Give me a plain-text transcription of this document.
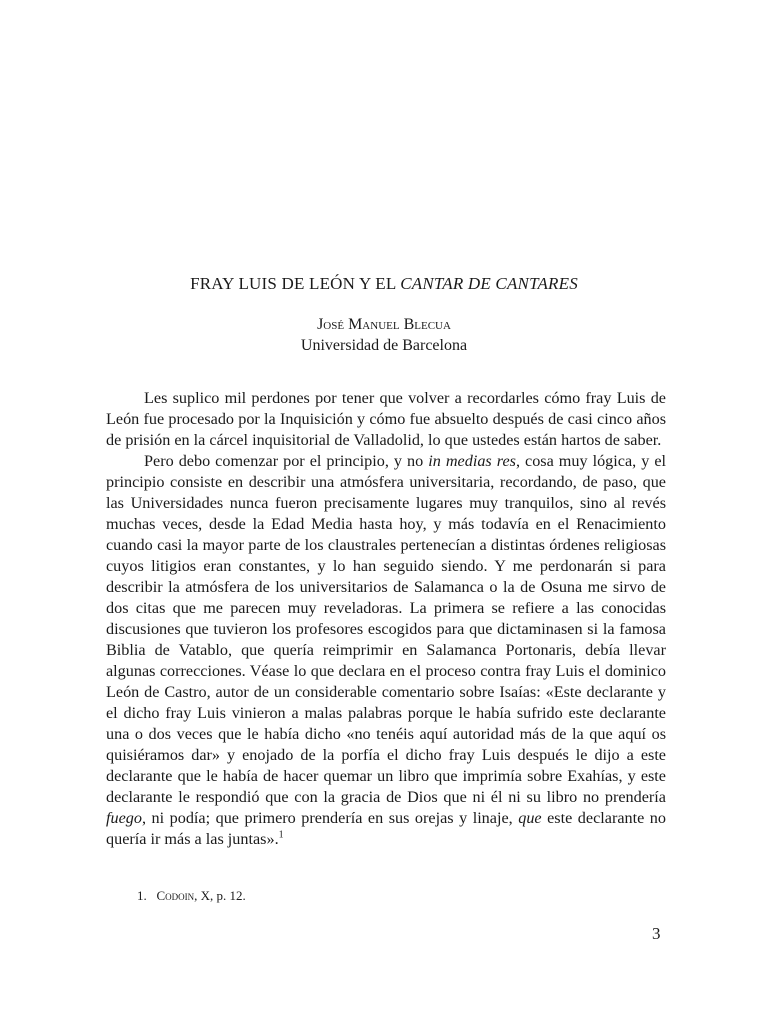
FRAY LUIS DE LEÓN Y EL CANTAR DE CANTARES
José Manuel Blecua
Universidad de Barcelona

Les suplico mil perdones por tener que volver a recordarles cómo fray Luis de León fue procesado por la Inquisición y cómo fue absuelto después de casi cinco años de prisión en la cárcel inquisitorial de Valladolid, lo que ustedes están hartos de saber.

Pero debo comenzar por el principio, y no in medias res, cosa muy lógica, y el principio consiste en describir una atmósfera universitaria, recordando, de paso, que las Universidades nunca fueron precisamente lugares muy tranquilos, sino al revés muchas veces, desde la Edad Media hasta hoy, y más todavía en el Renacimiento cuando casi la mayor parte de los claustrales pertenecían a distintas órdenes religiosas cuyos litigios eran constantes, y lo han seguido siendo. Y me perdonarán si para describir la atmósfera de los universitarios de Salamanca o la de Osuna me sirvo de dos citas que me parecen muy reveladoras. La primera se refiere a las conocidas discusiones que tuvieron los profesores escogidos para que dictaminasen si la famosa Biblia de Vatablo, que quería reimprimir en Salamanca Portonaris, debía llevar algunas correcciones. Véase lo que declara en el proceso contra fray Luis el dominico León de Castro, autor de un considerable comentario sobre Isaías: «Este declarante y el dicho fray Luis vinieron a malas palabras porque le había sufrido este declarante una o dos veces que le había dicho «no tenéis aquí autoridad más de la que aquí os quisiéramos dar» y enojado de la porfía el dicho fray Luis después le dijo a este declarante que le había de hacer quemar un libro que imprimía sobre Exahías, y este declarante le respondió que con la gracia de Dios que ni él ni su libro no prendería fuego, ni podía; que primero prendería en sus orejas y linaje, que este declarante no quería ir más a las juntas».$^1$

1. Codoin, X, p. 12.
3
